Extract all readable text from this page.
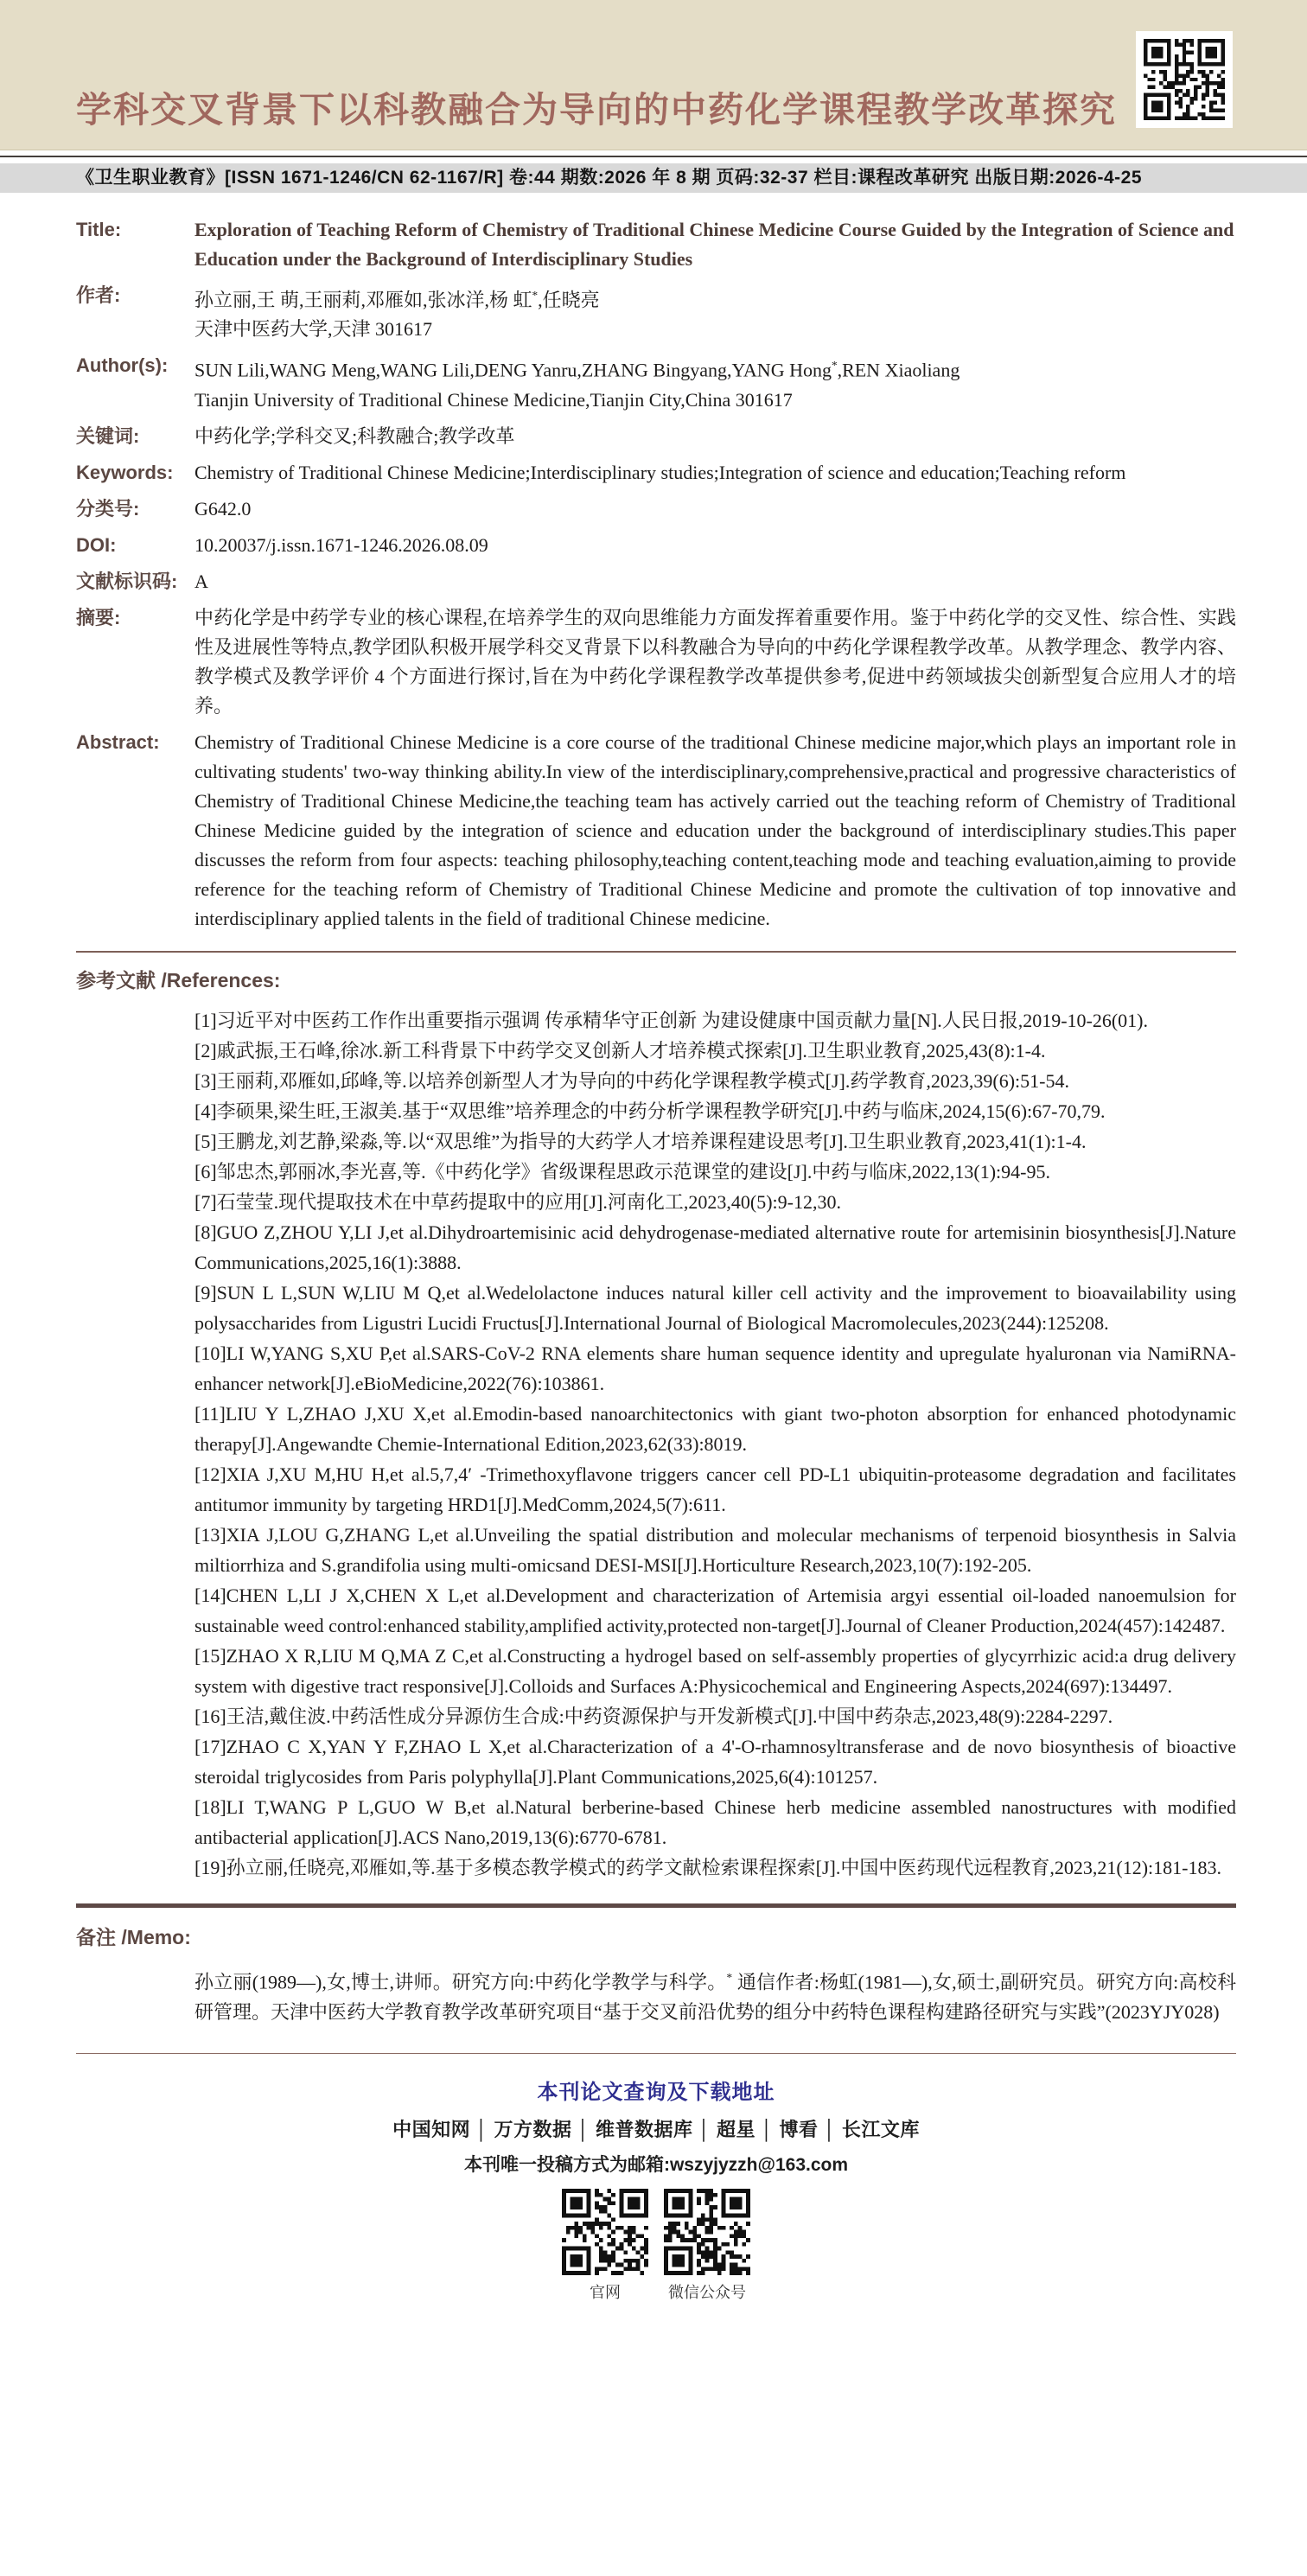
学科交叉背景下以科教融合为导向的中药化学课程教学改革探究
《卫生职业教育》[ISSN 1671-1246/CN 62-1167/R] 卷:44 期数:2026 年 8 期 页码:32-37 栏目:课程改革研究 出版日期:2026-4-25
Title:	Exploration of Teaching Reform of Chemistry of Traditional Chinese Medicine Course Guided by the Integration of Science and Education under the Background of Interdisciplinary Studies
作者:	孙立丽,王 萌,王丽莉,邓雁如,张冰洋,杨 虹*,任晓亮
天津中医药大学,天津 301617
Author(s):	SUN Lili,WANG Meng,WANG Lili,DENG Yanru,ZHANG Bingyang,YANG Hong*,REN Xiaoliang
Tianjin University of Traditional Chinese Medicine,Tianjin City,China 301617
关键词:	中药化学;学科交叉;科教融合;教学改革
Keywords:	Chemistry of Traditional Chinese Medicine;Interdisciplinary studies;Integration of science and education;Teaching reform
分类号:	G642.0
DOI:	10.20037/j.issn.1671-1246.2026.08.09
文献标识码: A
摘要:	中药化学是中药学专业的核心课程,在培养学生的双向思维能力方面发挥着重要作用。鉴于中药化学的交叉性、综合性、实践性及进展性等特点,教学团队积极开展学科交叉背景下以科教融合为导向的中药化学课程教学改革。从教学理念、教学内容、教学模式及教学评价 4 个方面进行探讨,旨在为中药化学课程教学改革提供参考,促进中药领域拔尖创新型复合应用人才的培养。
Abstract:	Chemistry of Traditional Chinese Medicine is a core course of the traditional Chinese medicine major,which plays an important role in cultivating students' two-way thinking ability.In view of the interdisciplinary,comprehensive,practical and progressive characteristics of Chemistry of Traditional Chinese Medicine,the teaching team has actively carried out the teaching reform of Chemistry of Traditional Chinese Medicine guided by the integration of science and education under the background of interdisciplinary studies.This paper discusses the reform from four aspects: teaching philosophy,teaching content,teaching mode and teaching evaluation,aiming to provide reference for the teaching reform of Chemistry of Traditional Chinese Medicine and promote the cultivation of top innovative and interdisciplinary applied talents in the field of traditional Chinese medicine.
参考文献 /References:
[1]习近平对中医药工作作出重要指示强调 传承精华守正创新 为建设健康中国贡献力量[N].人民日报,2019-10-26(01).
[2]戚武振,王石峰,徐冰.新工科背景下中药学交叉创新人才培养模式探索[J].卫生职业教育,2025,43(8):1-4.
[3]王丽莉,邓雁如,邱峰,等.以培养创新型人才为导向的中药化学课程教学模式[J].药学教育,2023,39(6):51-54.
[4]李硕果,梁生旺,王淑美.基于“双思维”培养理念的中药分析学课程教学研究[J].中药与临床,2024,15(6):67-70,79.
[5]王鹏龙,刘艺静,梁淼,等.以“双思维”为指导的大药学人才培养课程建设思考[J].卫生职业教育,2023,41(1):1-4.
[6]邹忠杰,郭丽冰,李光喜,等.《中药化学》省级课程思政示范课堂的建设[J].中药与临床,2022,13(1):94-95.
[7]石莹莹.现代提取技术在中草药提取中的应用[J].河南化工,2023,40(5):9-12,30.
[8]GUO Z,ZHOU Y,LI J,et al.Dihydroartemisinic acid dehydrogenase-mediated alternative route for artemisinin biosynthesis[J].Nature Communications,2025,16(1):3888.
[9]SUN L L,SUN W,LIU M Q,et al.Wedelolactone induces natural killer cell activity and the improvement to bioavailability using polysaccharides from Ligustri Lucidi Fructus[J].International Journal of Biological Macromolecules,2023(244):125208.
[10]LI W,YANG S,XU P,et al.SARS-CoV-2 RNA elements share human sequence identity and upregulate hyaluronan via NamiRNA-enhancer network[J].eBioMedicine,2022(76):103861.
[11]LIU Y L,ZHAO J,XU X,et al.Emodin-based nanoarchitectonics with giant two-photon absorption for enhanced photodynamic therapy[J].Angewandte Chemie-International Edition,2023,62(33):8019.
[12]XIA J,XU M,HU H,et al.5,7,4′ -Trimethoxyflavone triggers cancer cell PD-L1 ubiquitin-proteasome degradation and facilitates antitumor immunity by targeting HRD1[J].MedComm,2024,5(7):611.
[13]XIA J,LOU G,ZHANG L,et al.Unveiling the spatial distribution and molecular mechanisms of terpenoid biosynthesis in Salvia miltiorrhiza and S.grandifolia using multi-omicsand DESI-MSI[J].Horticulture Research,2023,10(7):192-205.
[14]CHEN L,LI J X,CHEN X L,et al.Development and characterization of Artemisia argyi essential oil-loaded nanoemulsion for sustainable weed control:enhanced stability,amplified activity,protected non-target[J].Journal of Cleaner Production,2024(457):142487.
[15]ZHAO X R,LIU M Q,MA Z C,et al.Constructing a hydrogel based on self-assembly properties of glycyrrhizic acid:a drug delivery system with digestive tract responsive[J].Colloids and Surfaces A:Physicochemical and Engineering Aspects,2024(697):134497.
[16]王洁,戴住波.中药活性成分异源仿生合成:中药资源保护与开发新模式[J].中国中药杂志,2023,48(9):2284-2297.
[17]ZHAO C X,YAN Y F,ZHAO L X,et al.Characterization of a 4'-O-rhamnosyltransferase and de novo biosynthesis of bioactive steroidal triglycosides from Paris polyphylla[J].Plant Communications,2025,6(4):101257.
[18]LI T,WANG P L,GUO W B,et al.Natural berberine-based Chinese herb medicine assembled nanostructures with modified antibacterial application[J].ACS Nano,2019,13(6):6770-6781.
[19]孙立丽,任晓亮,邓雁如,等.基于多模态教学模式的药学文献检索课程探索[J].中国中医药现代远程教育,2023,21(12):181-183.
备注 /Memo:
孙立丽(1989—),女,博士,讲师。研究方向:中药化学教学与科学。* 通信作者:杨虹(1981—),女,硕士,副研究员。研究方向:高校科研管理。天津中医药大学教育教学改革研究项目“基于交叉前沿优势的组分中药特色课程构建路径研究与实践”(2023YJY028)
本刊论文查询及下载地址
中国知网 │ 万方数据 │ 维普数据库 │ 超星 │ 博看 │ 长江文库
本刊唯一投稿方式为邮箱:wszyjyzzh@163.com
官网	微信公众号
